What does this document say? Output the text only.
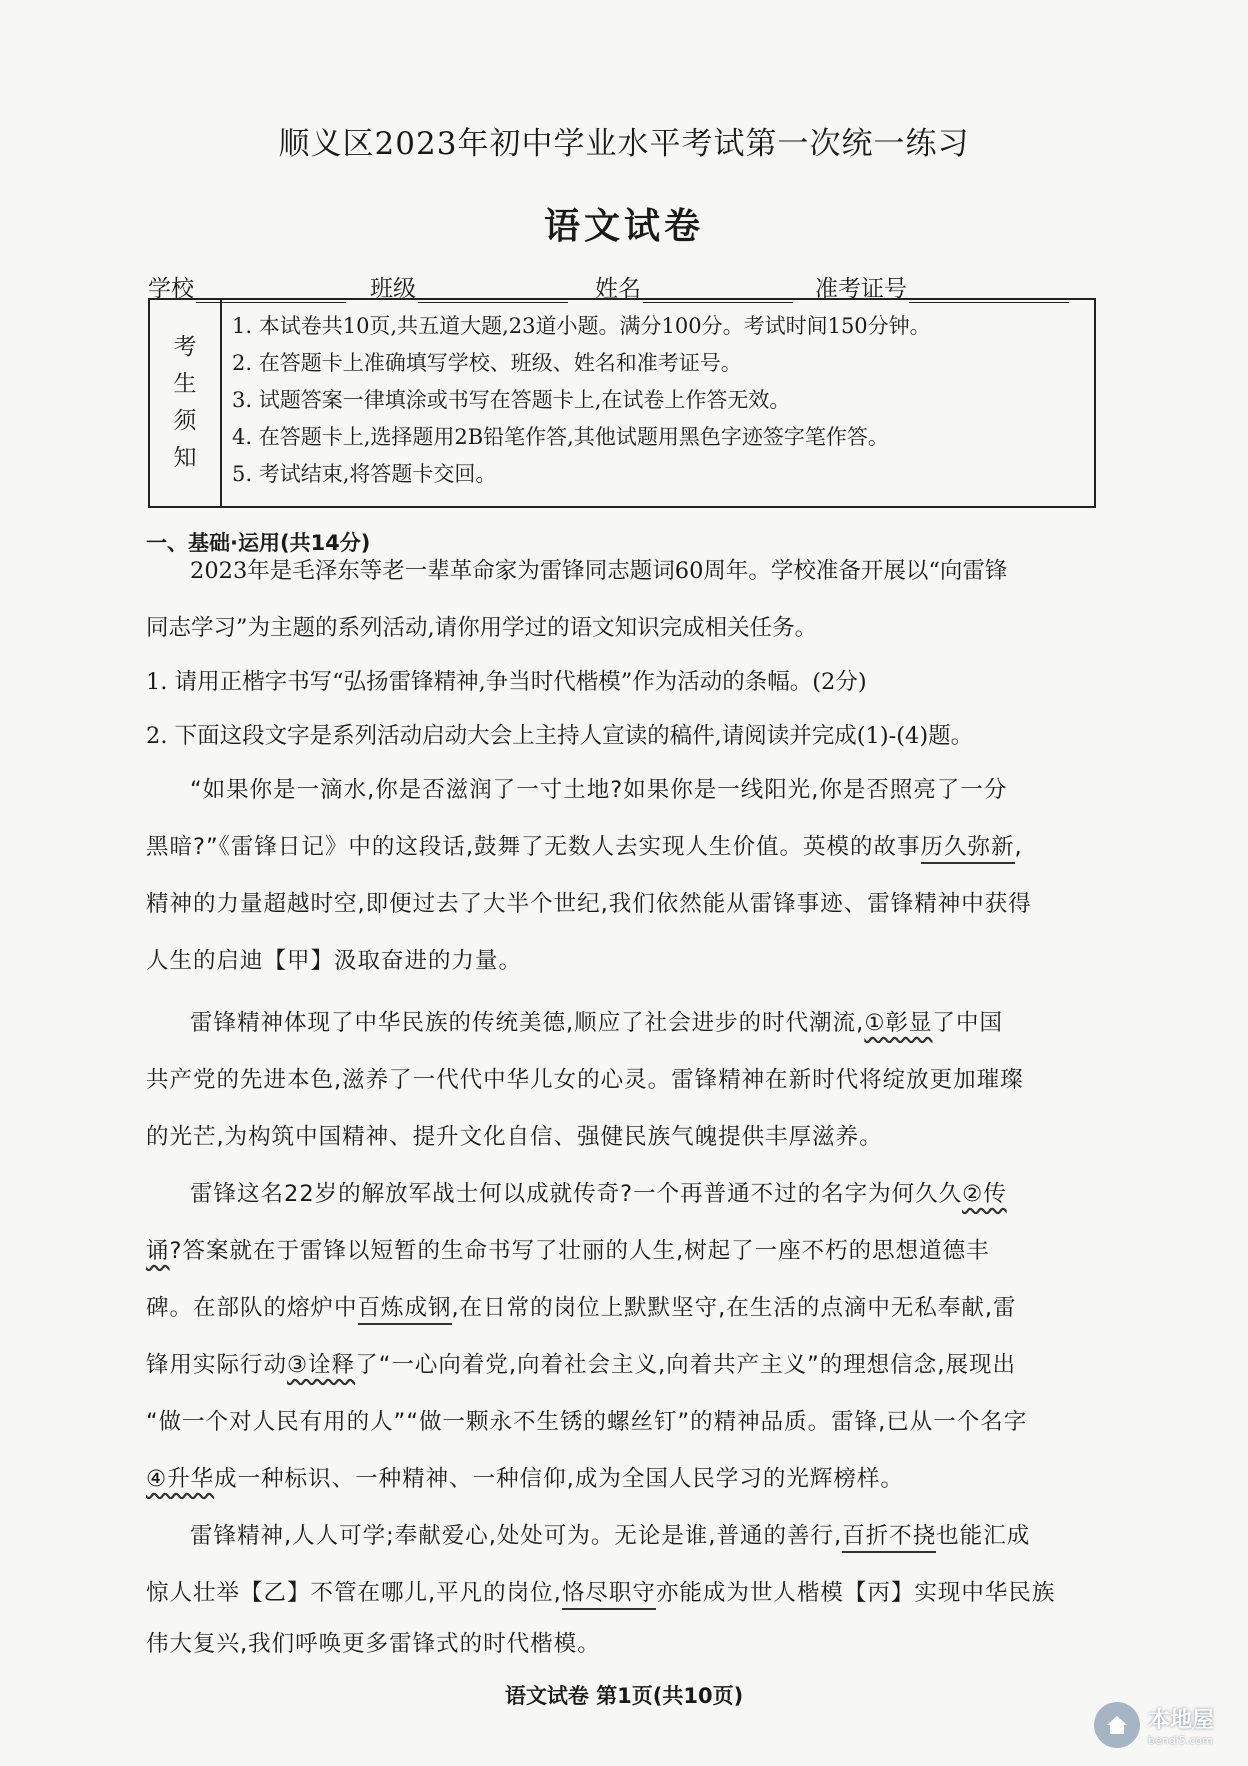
顺义区2023年初中学业水平考试第一次统一练习
语文试卷
学校	班级	姓名	准考证号
考
生
须
知
1. 本试卷共10页,共五道大题,23道小题。满分100分。考试时间150分钟。
2. 在答题卡上准确填写学校、班级、姓名和准考证号。
3. 试题答案一律填涂或书写在答题卡上,在试卷上作答无效。
4. 在答题卡上,选择题用2B铅笔作答,其他试题用黑色字迹签字笔作答。
5. 考试结束,将答题卡交回。
一、基础·运用(共14分)
2023年是毛泽东等老一辈革命家为雷锋同志题词60周年。学校准备开展以“向雷锋
同志学习”为主题的系列活动,请你用学过的语文知识完成相关任务。
1. 请用正楷字书写“弘扬雷锋精神,争当时代楷模”作为活动的条幅。(2分)
2. 下面这段文字是系列活动启动大会上主持人宣读的稿件,请阅读并完成(1)-(4)题。
“如果你是一滴水,你是否滋润了一寸土地?如果你是一线阳光,你是否照亮了一分
黑暗?”《雷锋日记》中的这段话,鼓舞了无数人去实现人生价值。英模的故事历久弥新,
精神的力量超越时空,即便过去了大半个世纪,我们依然能从雷锋事迹、雷锋精神中获得
人生的启迪【甲】汲取奋进的力量。
雷锋精神体现了中华民族的传统美德,顺应了社会进步的时代潮流,①彰显了中国
共产党的先进本色,滋养了一代代中华儿女的心灵。雷锋精神在新时代将绽放更加璀璨
的光芒,为构筑中国精神、提升文化自信、强健民族气魄提供丰厚滋养。
雷锋这名22岁的解放军战士何以成就传奇?一个再普通不过的名字为何久久②传
诵?答案就在于雷锋以短暂的生命书写了壮丽的人生,树起了一座不朽的思想道德丰
碑。在部队的熔炉中百炼成钢,在日常的岗位上默默坚守,在生活的点滴中无私奉献,雷
锋用实际行动③诠释了“一心向着党,向着社会主义,向着共产主义”的理想信念,展现出
“做一个对人民有用的人”“做一颗永不生锈的螺丝钉”的精神品质。雷锋,已从一个名字
④升华成一种标识、一种精神、一种信仰,成为全国人民学习的光辉榜样。
雷锋精神,人人可学;奉献爱心,处处可为。无论是谁,普通的善行,百折不挠也能汇成
惊人壮举【乙】不管在哪儿,平凡的岗位,恪尽职守亦能成为世人楷模【丙】实现中华民族
伟大复兴,我们呼唤更多雷锋式的时代楷模。
语文试卷 第1页(共10页)
本地屋
bendi5.com
